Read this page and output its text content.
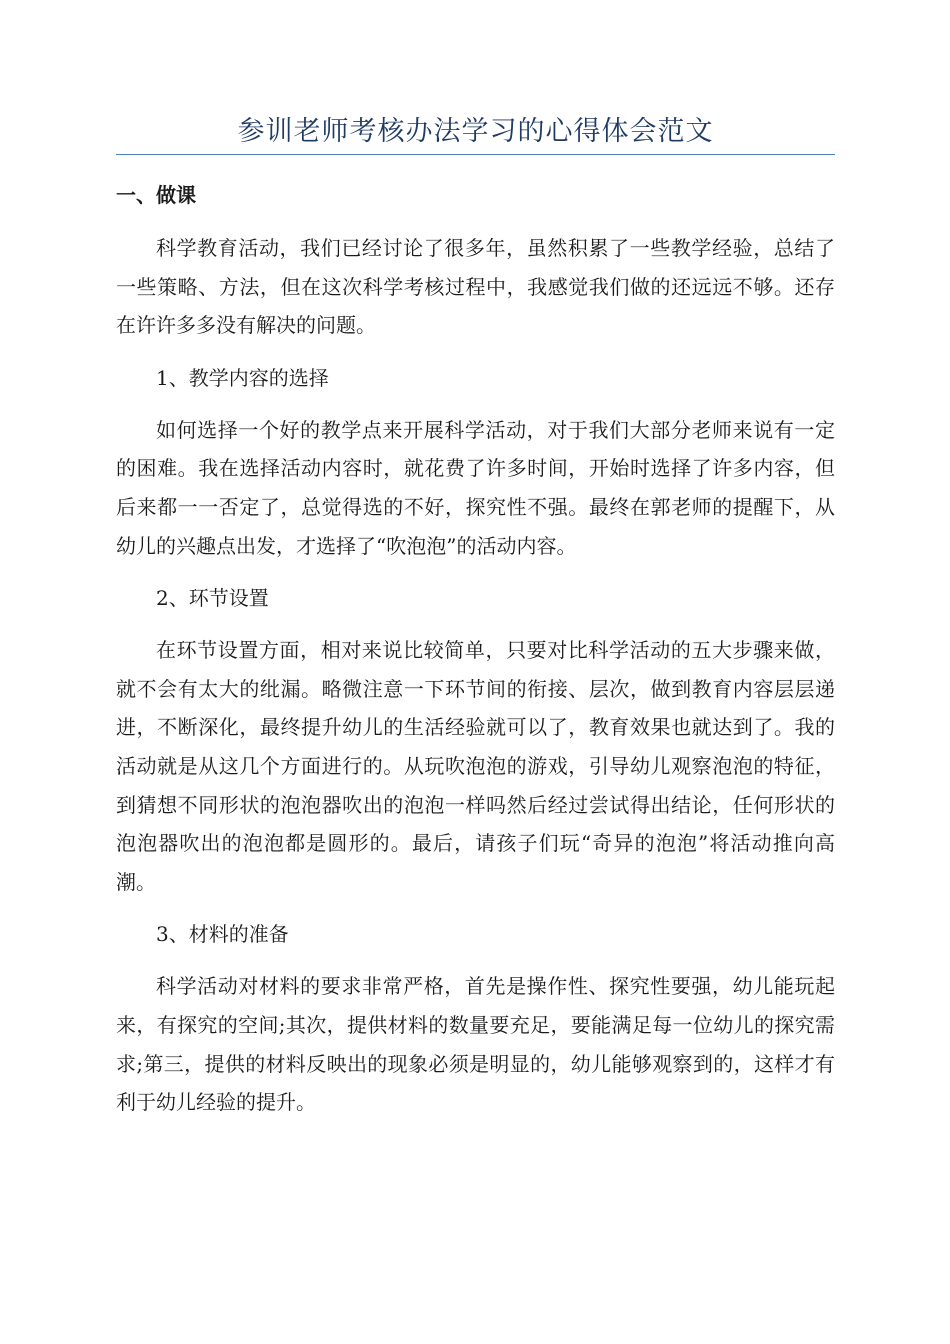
参训老师考核办法学习的心得体会范文
一、做课

科学教育活动，我们已经讨论了很多年，虽然积累了一些教学经验，总结了一些策略、方法，但在这次科学考核过程中，我感觉我们做的还远远不够。还存在许许多多没有解决的问题。

1、教学内容的选择

如何选择一个好的教学点来开展科学活动，对于我们大部分老师来说有一定的困难。我在选择活动内容时，就花费了许多时间，开始时选择了许多内容，但后来都一一否定了，总觉得选的不好，探究性不强。最终在郭老师的提醒下，从幼儿的兴趣点出发，才选择了“吹泡泡”的活动内容。

2、环节设置

在环节设置方面，相对来说比较简单，只要对比科学活动的五大步骤来做，就不会有太大的纰漏。略微注意一下环节间的衔接、层次，做到教育内容层层递进，不断深化，最终提升幼儿的生活经验就可以了，教育效果也就达到了。我的活动就是从这几个方面进行的。从玩吹泡泡的游戏，引导幼儿观察泡泡的特征，到猜想不同形状的泡泡器吹出的泡泡一样吗然后经过尝试得出结论，任何形状的泡泡器吹出的泡泡都是圆形的。最后，请孩子们玩“奇异的泡泡”将活动推向高潮。

3、材料的准备

科学活动对材料的要求非常严格，首先是操作性、探究性要强，幼儿能玩起来，有探究的空间;其次，提供材料的数量要充足，要能满足每一位幼儿的探究需求;第三，提供的材料反映出的现象必须是明显的，幼儿能够观察到的，这样才有利于幼儿经验的提升。
